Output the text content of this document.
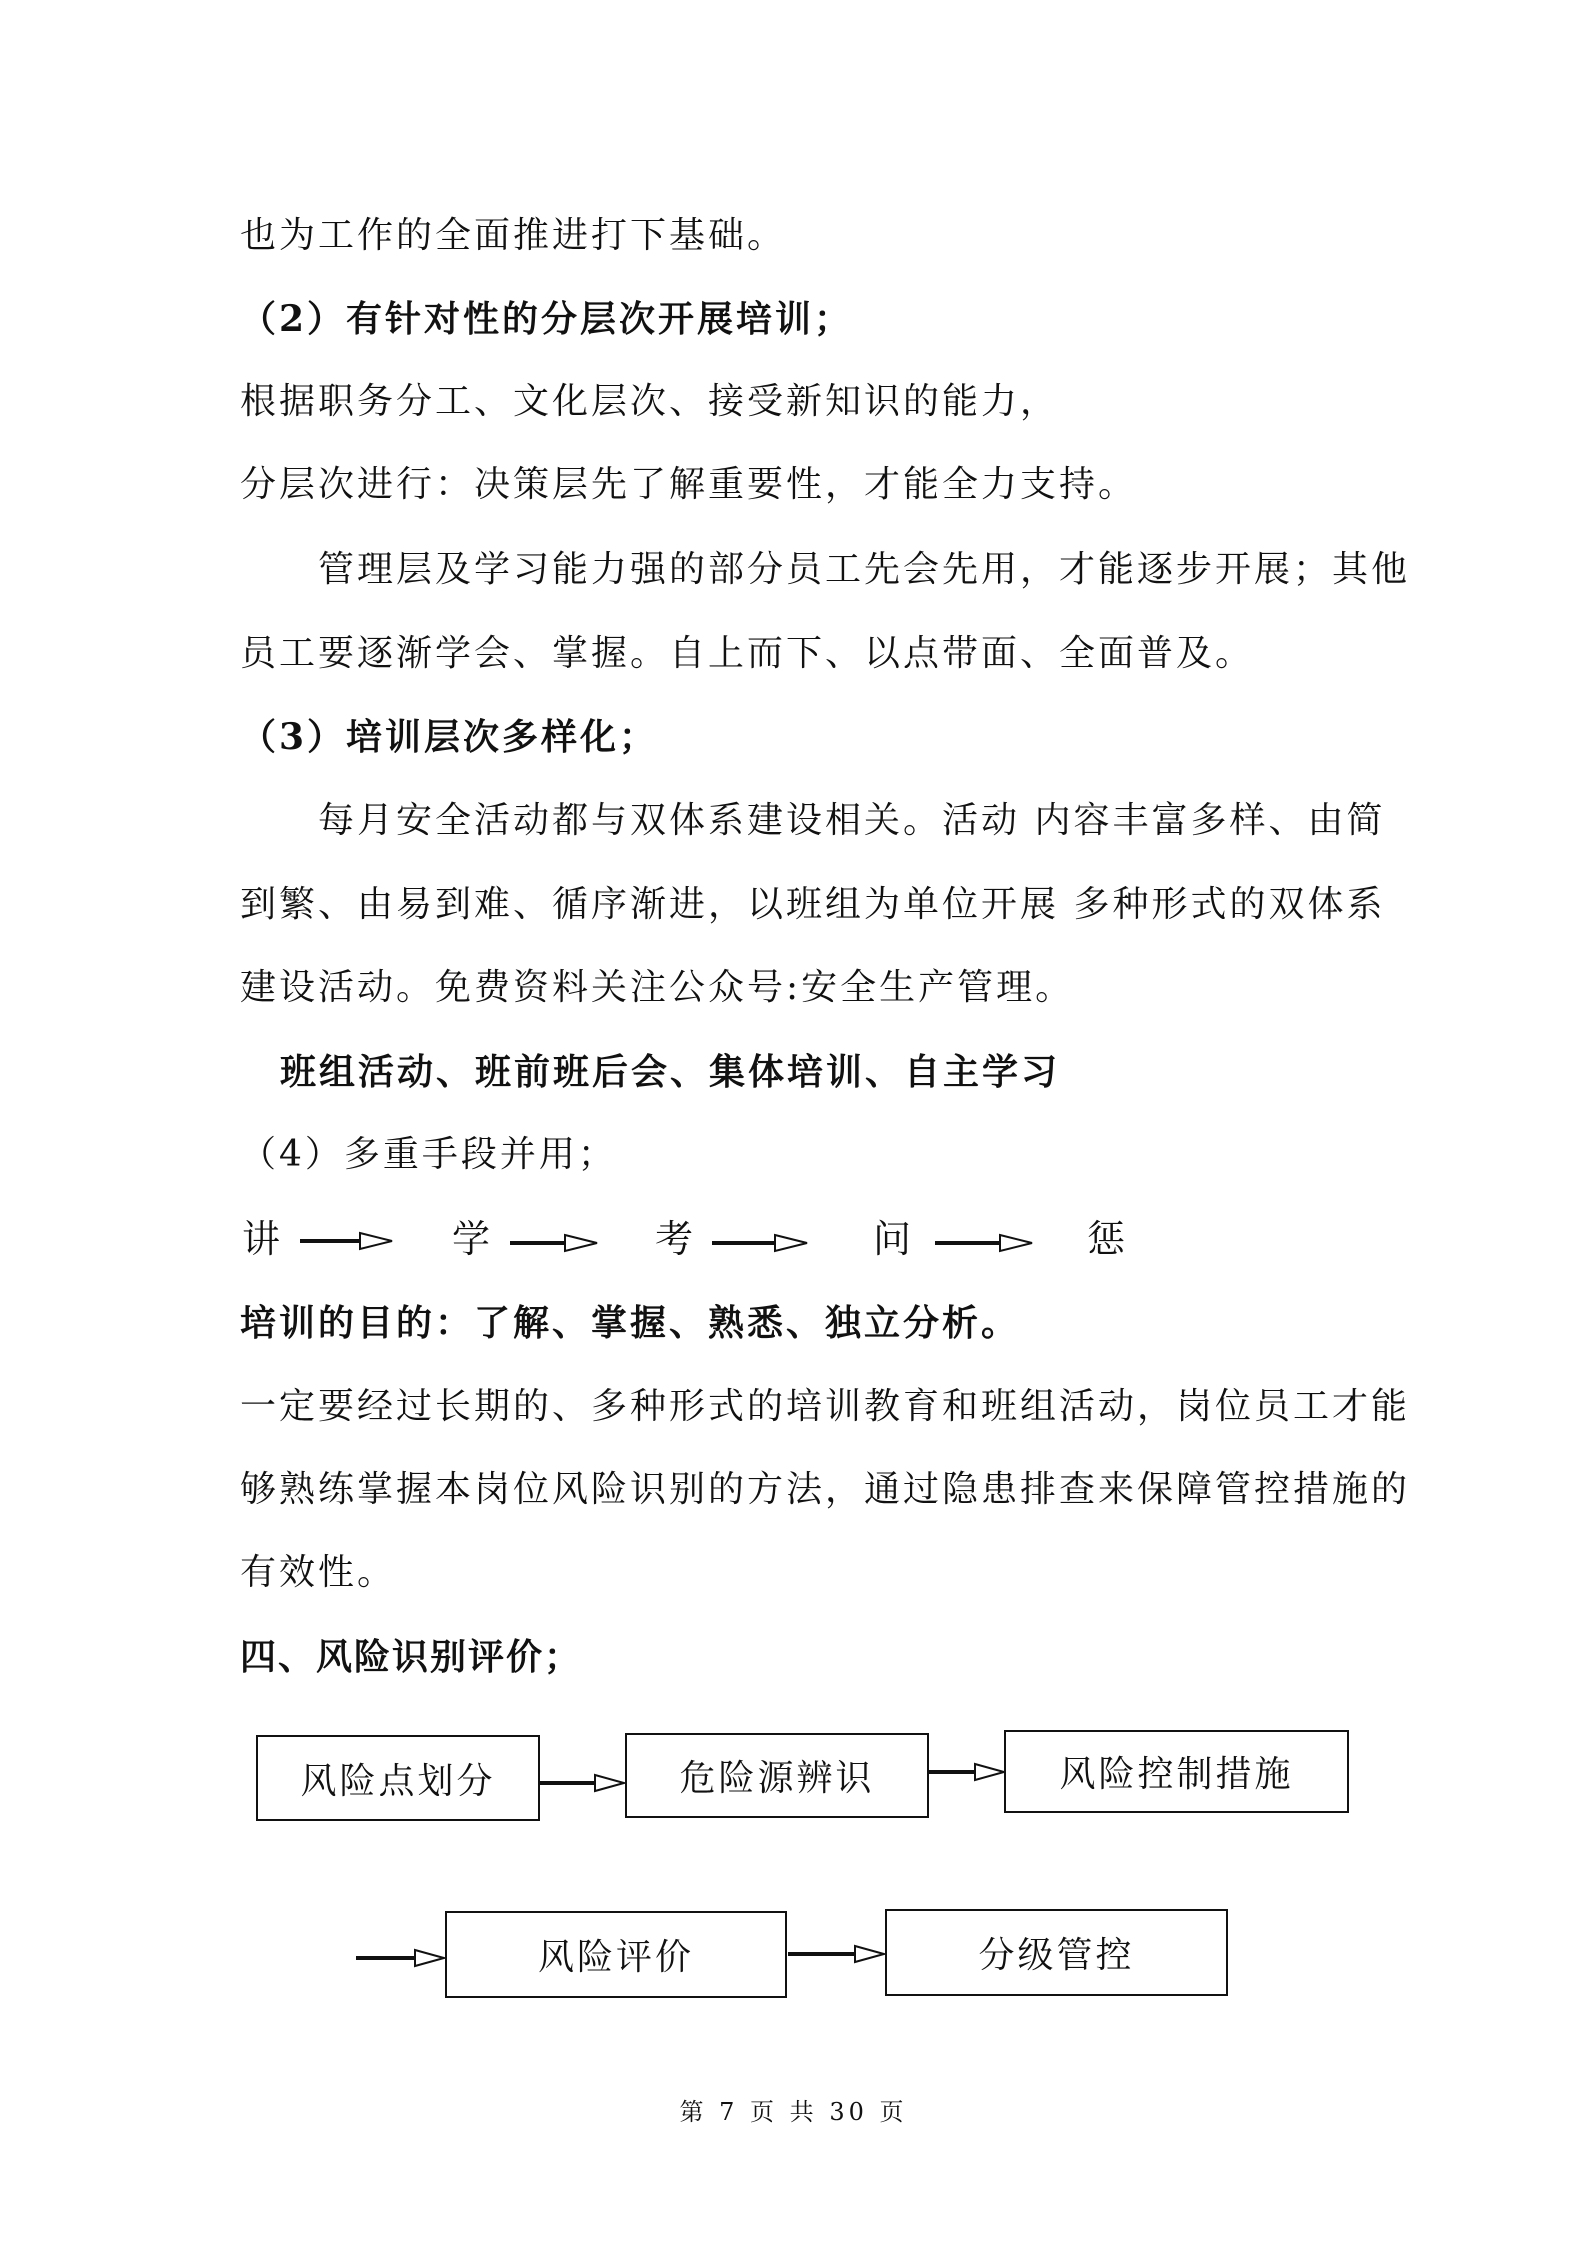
也为工作的全面推进打下基础。
（2）有针对性的分层次开展培训；
根据职务分工、文化层次、接受新知识的能力，
分层次进行：决策层先了解重要性，才能全力支持。
管理层及学习能力强的部分员工先会先用，才能逐步开展；其他
员工要逐渐学会、掌握。自上而下、以点带面、全面普及。
（3）培训层次多样化；
每月安全活动都与双体系建设相关。活动 内容丰富多样、由简
到繁、由易到难、循序渐进，以班组为单位开展 多种形式的双体系
建设活动。免费资料关注公众号:安全生产管理。
班组活动、班前班后会、集体培训、自主学习
（4）多重手段并用；
讲	学	考	问	惩
培训的目的：了解、掌握、熟悉、独立分析。
一定要经过长期的、多种形式的培训教育和班组活动，岗位员工才能
够熟练掌握本岗位风险识别的方法，通过隐患排查来保障管控措施的
有效性。
四、风险识别评价；
风险点划分	危险源辨识	风险控制措施
风险评价	分级管控
第 7 页 共 30 页
